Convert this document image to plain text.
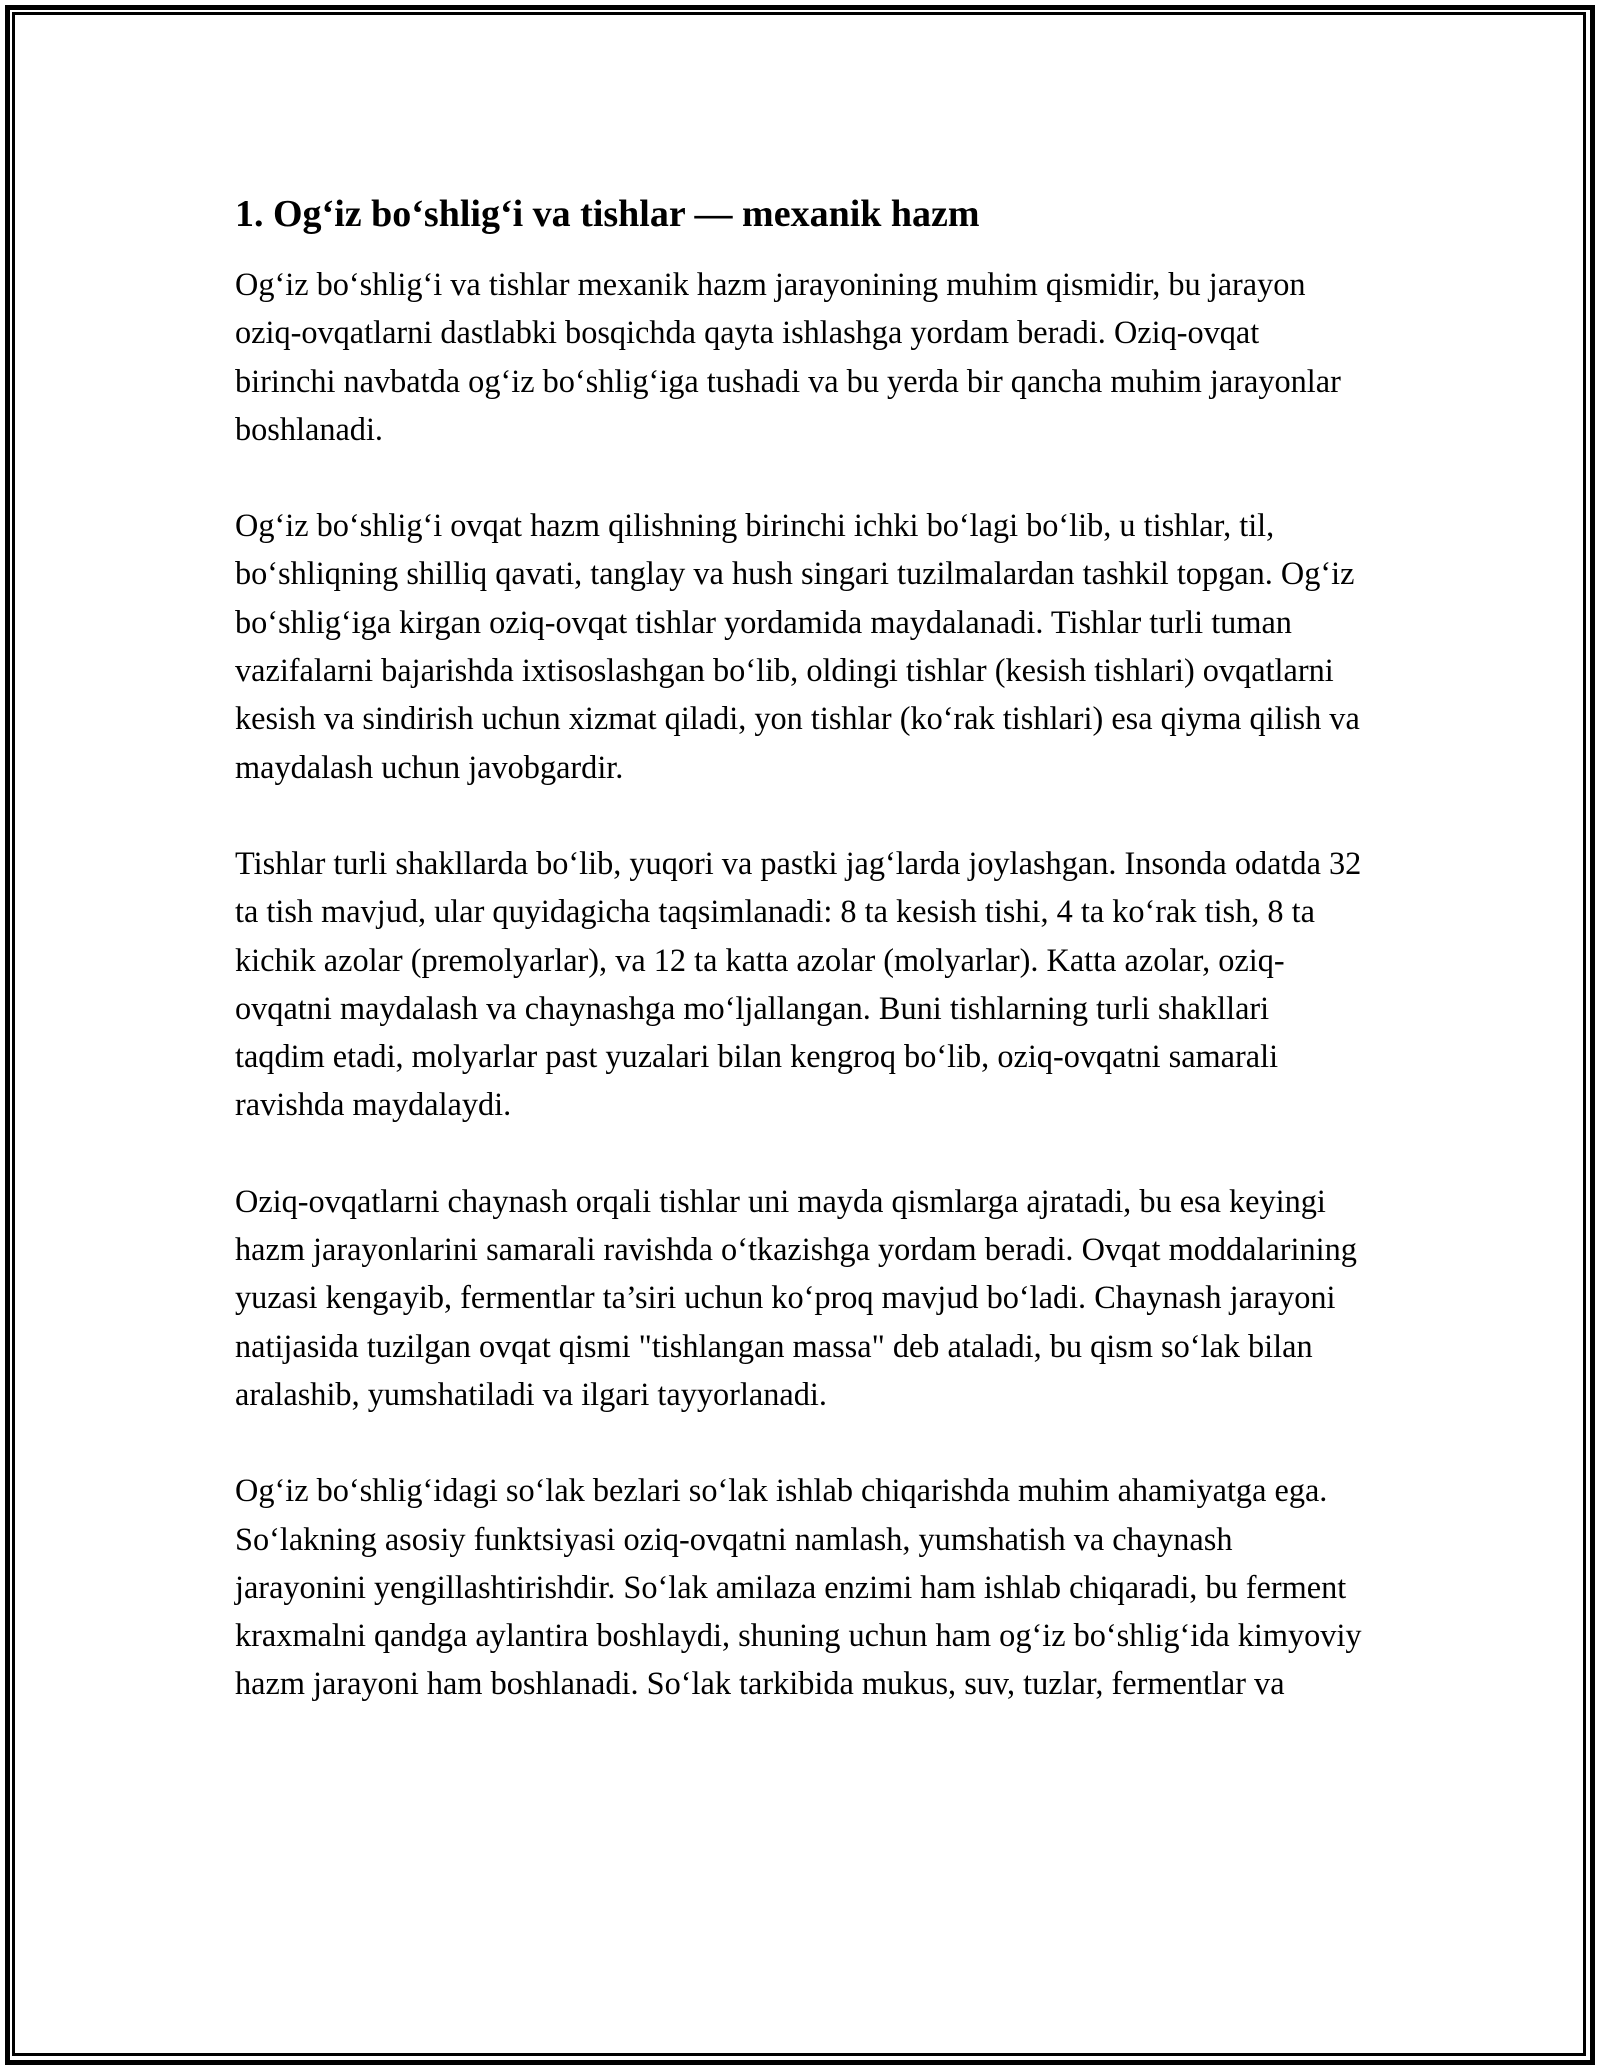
1. Og‘iz bo‘shlig‘i va tishlar — mexanik hazm

Og‘iz bo‘shlig‘i va tishlar mexanik hazm jarayonining muhim qismidir, bu jarayon oziq-ovqatlarni dastlabki bosqichda qayta ishlashga yordam beradi. Oziq-ovqat birinchi navbatda og‘iz bo‘shlig‘iga tushadi va bu yerda bir qancha muhim jarayonlar boshlanadi.

Og‘iz bo‘shlig‘i ovqat hazm qilishning birinchi ichki bo‘lagi bo‘lib, u tishlar, til, bo‘shliqning shilliq qavati, tanglay va hush singari tuzilmalardan tashkil topgan. Og‘iz bo‘shlig‘iga kirgan oziq-ovqat tishlar yordamida maydalanadi. Tishlar turli tuman vazifalarni bajarishda ixtisoslashgan bo‘lib, oldingi tishlar (kesish tishlari) ovqatlarni kesish va sindirish uchun xizmat qiladi, yon tishlar (ko‘rak tishlari) esa qiyma qilish va maydalash uchun javobgardir.

Tishlar turli shakllarda bo‘lib, yuqori va pastki jag‘larda joylashgan. Insonda odatda 32 ta tish mavjud, ular quyidagicha taqsimlanadi: 8 ta kesish tishi, 4 ta ko‘rak tish, 8 ta kichik azolar (premolyarlar), va 12 ta katta azolar (molyarlar). Katta azolar, oziq-ovqatni maydalash va chaynashga mo‘ljallangan. Buni tishlarning turli shakllari taqdim etadi, molyarlar past yuzalari bilan kengroq bo‘lib, oziq-ovqatni samarali ravishda maydalaydi.

Oziq-ovqatlarni chaynash orqali tishlar uni mayda qismlarga ajratadi, bu esa keyingi hazm jarayonlarini samarali ravishda o‘tkazishga yordam beradi. Ovqat moddalarining yuzasi kengayib, fermentlar ta’siri uchun ko‘proq mavjud bo‘ladi. Chaynash jarayoni natijasida tuzilgan ovqat qismi "tishlangan massa" deb ataladi, bu qism so‘lak bilan aralashib, yumshatiladi va ilgari tayyorlanadi.

Og‘iz bo‘shlig‘idagi so‘lak bezlari so‘lak ishlab chiqarishda muhim ahamiyatga ega. So‘lakning asosiy funktsiyasi oziq-ovqatni namlash, yumshatish va chaynash jarayonini yengillashtirishdir. So‘lak amilaza enzimi ham ishlab chiqaradi, bu ferment kraxmalni qandga aylantira boshlaydi, shuning uchun ham og‘iz bo‘shlig‘ida kimyoviy hazm jarayoni ham boshlanadi. So‘lak tarkibida mukus, suv, tuzlar, fermentlar va
